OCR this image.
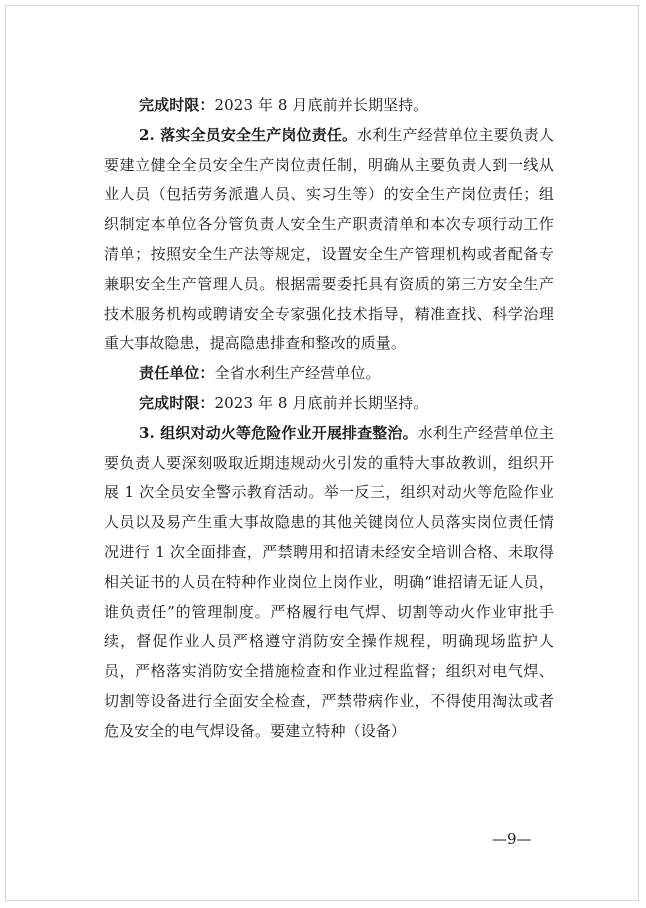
完成时限：2023 年 8 月底前并长期坚持。

2. 落实全员安全生产岗位责任。水利生产经营单位主要负责人要建立健全全员安全生产岗位责任制，明确从主要负责人到一线从业人员（包括劳务派遣人员、实习生等）的安全生产岗位责任；组织制定本单位各分管负责人安全生产职责清单和本次专项行动工作清单；按照安全生产法等规定，设置安全生产管理机构或者配备专兼职安全生产管理人员。根据需要委托具有资质的第三方安全生产技术服务机构或聘请安全专家强化技术指导，精准查找、科学治理重大事故隐患，提高隐患排查和整改的质量。

责任单位：全省水利生产经营单位。

完成时限：2023 年 8 月底前并长期坚持。

3. 组织对动火等危险作业开展排查整治。水利生产经营单位主要负责人要深刻吸取近期违规动火引发的重特大事故教训，组织开展 1 次全员安全警示教育活动。举一反三，组织对动火等危险作业人员以及易产生重大事故隐患的其他关键岗位人员落实岗位责任情况进行 1 次全面排查，严禁聘用和招请未经安全培训合格、未取得相关证书的人员在特种作业岗位上岗作业，明确“谁招请无证人员，谁负责任”的管理制度。严格履行电气焊、切割等动火作业审批手续，督促作业人员严格遵守消防安全操作规程，明确现场监护人员，严格落实消防安全措施检查和作业过程监督；组织对电气焊、切割等设备进行全面安全检查，严禁带病作业，不得使用淘汰或者危及安全的电气焊设备。要建立特种（设备）

—9—
